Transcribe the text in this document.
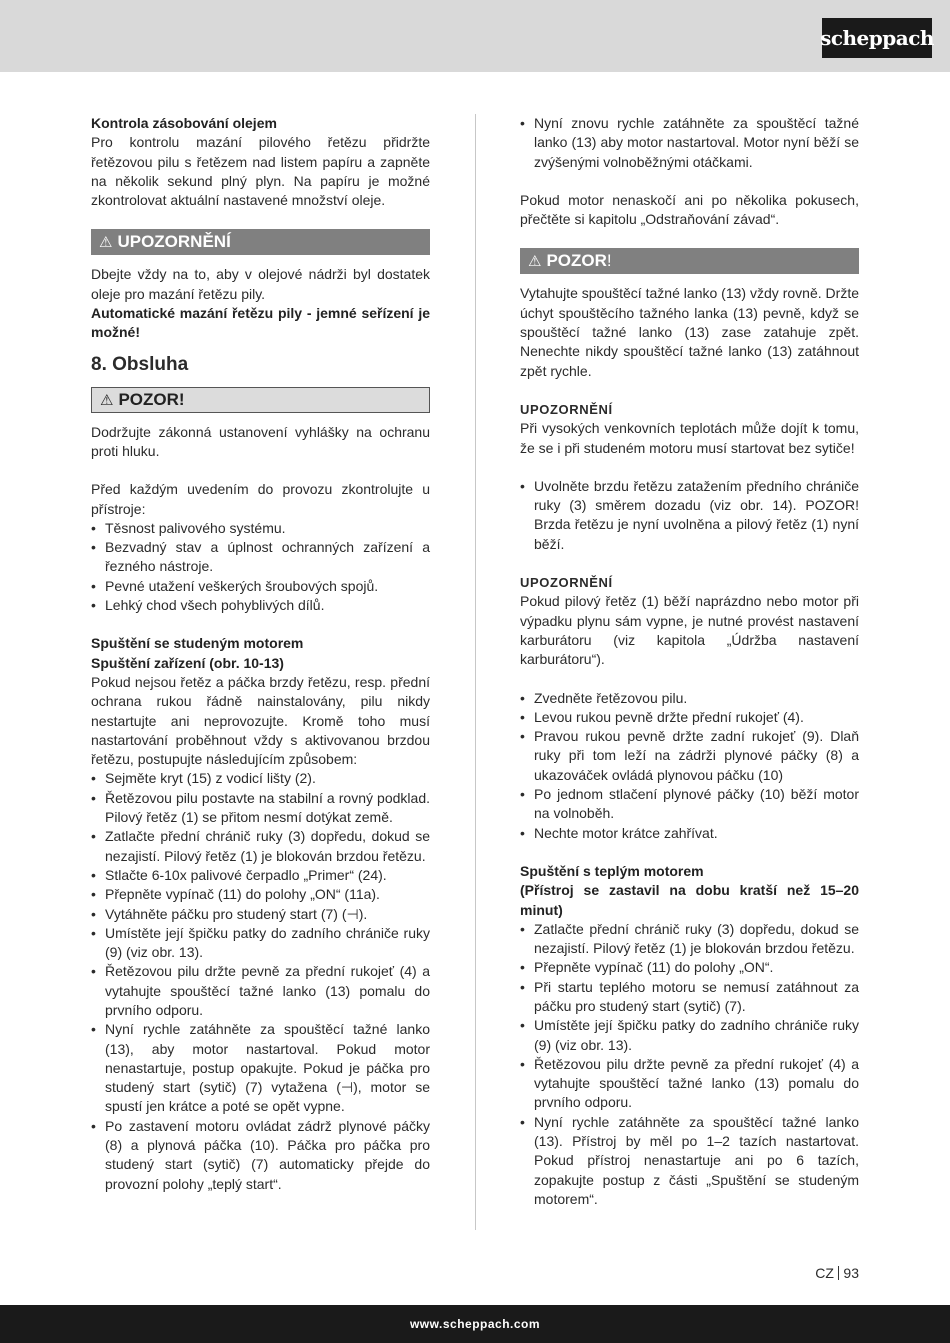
scheppach

Kontrola zásobování olejem

Pro kontrolu mazání pilového řetězu přidržte řetězovou pilu s řetězem nad listem papíru a zapněte na několik sekund plný plyn. Na papíru je možné zkontrolovat aktuální nastavené množství oleje.

⚠ UPOZORNĚNÍ

Dbejte vždy na to, aby v olejové nádrži byl dostatek oleje pro mazání řetězu pily.

Automatické mazání řetězu pily - jemné seřízení je možné!

8. Obsluha

⚠ POZOR!

Dodržujte zákonná ustanovení vyhlášky na ochranu proti hluku.

Před každým uvedením do provozu zkontrolujte u přístroje:

• Těsnost palivového systému.
• Bezvadný stav a úplnost ochranných zařízení a řezného nástroje.
• Pevné utažení veškerých šroubových spojů.
• Lehký chod všech pohyblivých dílů.

Spuštění se studeným motorem

Spuštění zařízení (obr. 10-13)

Pokud nejsou řetěz a páčka brzdy řetězu, resp. přední ochrana rukou řádně nainstalovány, pilu nikdy nestartujte ani neprovozujte. Kromě toho musí nastartování proběhnout vždy s aktivovanou brzdou řetězu, postupujte následujícím způsobem:

• Sejměte kryt (15) z vodicí lišty (2).
• Řetězovou pilu postavte na stabilní a rovný podklad. Pilový řetěz (1) se přitom nesmí dotýkat země.
• Zatlačte přední chránič ruky (3) dopředu, dokud se nezajistí. Pilový řetěz (1) je blokován brzdou řetězu.
• Stlačte 6-10x palivové čerpadlo „Primer“ (24).
• Přepněte vypínač (11) do polohy „ON“ (11a).
• Vytáhněte páčku pro studený start (7) (⊣).
• Umístěte její špičku patky do zadního chrániče ruky (9) (viz obr. 13).
• Řetězovou pilu držte pevně za přední rukojeť (4) a vytahujte spouštěcí tažné lanko (13) pomalu do prvního odporu.
• Nyní rychle zatáhněte za spouštěcí tažné lanko (13), aby motor nastartoval. Pokud motor nenastartuje, postup opakujte. Pokud je páčka pro studený start (sytič) (7) vytažena (⊣), motor se spustí jen krátce a poté se opět vypne.
• Po zastavení motoru ovládat zádrž plynové páčky (8) a plynová páčka (10). Páčka pro páčka pro studený start (sytič) (7) automaticky přejde do provozní polohy „teplý start“.
• Nyní znovu rychle zatáhněte za spouštěcí tažné lanko (13) aby motor nastartoval. Motor nyní běží se zvýšenými volnoběžnými otáčkami.

Pokud motor nenaskočí ani po několika pokusech, přečtěte si kapitolu „Odstraňování závad“.

⚠ POZOR!

Vytahujte spouštěcí tažné lanko (13) vždy rovně. Držte úchyt spouštěcího tažného lanka (13) pevně, když se spouštěcí tažné lanko (13) zase zatahuje zpět. Nenechte nikdy spouštěcí tažné lanko (13) zatáhnout zpět rychle.

UPOZORNĚNÍ

Při vysokých venkovních teplotách může dojít k tomu, že se i při studeném motoru musí startovat bez sytiče!

• Uvolněte brzdu řetězu zatažením předního chrániče ruky (3) směrem dozadu (viz obr. 14). POZOR! Brzda řetězu je nyní uvolněna a pilový řetěz (1) nyní běží.

UPOZORNĚNÍ

Pokud pilový řetěz (1) běží naprázdno nebo motor při výpadku plynu sám vypne, je nutné provést nastavení karburátoru (viz kapitola „Údržba nastavení karburátoru“).

• Zvedněte řetězovou pilu.
• Levou rukou pevně držte přední rukojeť (4).
• Pravou rukou pevně držte zadní rukojeť (9). Dlaň ruky při tom leží na zádrži plynové páčky (8) a ukazováček ovládá plynovou páčku (10)
• Po jednom stlačení plynové páčky (10) běží motor na volnoběh.
• Nechte motor krátce zahřívat.

Spuštění s teplým motorem

(Přístroj se zastavil na dobu kratší než 15–20 minut)

• Zatlačte přední chránič ruky (3) dopředu, dokud se nezajistí. Pilový řetěz (1) je blokován brzdou řetězu.
• Přepněte vypínač (11) do polohy „ON“.
• Při startu teplého motoru se nemusí zatáhnout za páčku pro studený start (sytič) (7).
• Umístěte její špičku patky do zadního chrániče ruky (9) (viz obr. 13).
• Řetězovou pilu držte pevně za přední rukojeť (4) a vytahujte spouštěcí tažné lanko (13) pomalu do prvního odporu.
• Nyní rychle zatáhněte za spouštěcí tažné lanko (13). Přístroj by měl po 1–2 tazích nastartovat. Pokud přístroj nenastartuje ani po 6 tazích, zopakujte postup z části „Spuštění se studeným motorem“.
CZ 93
www.scheppach.com
